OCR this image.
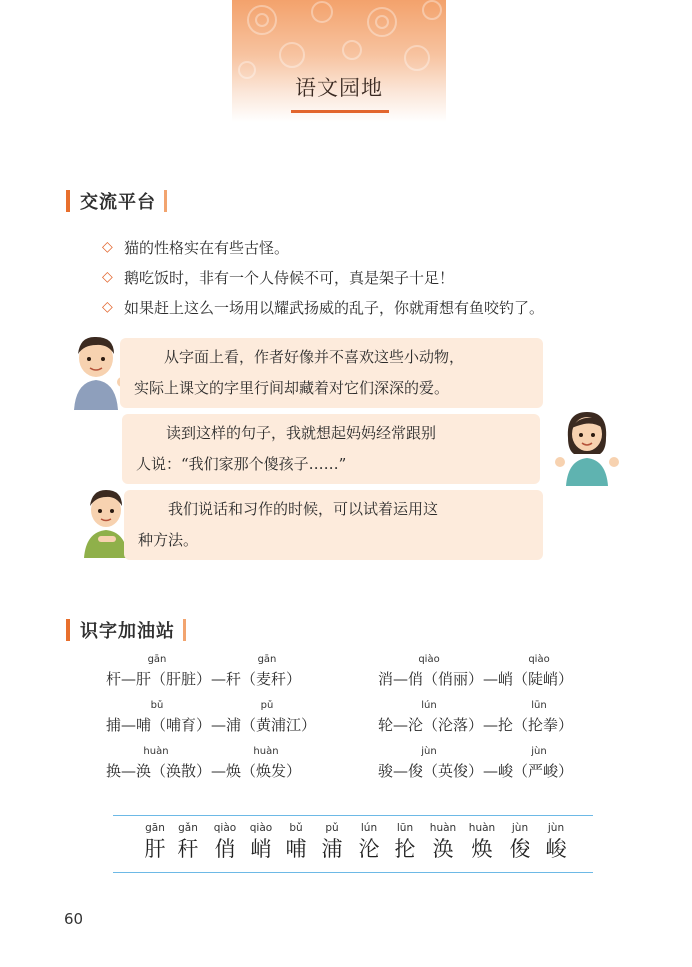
语文园地
交流平台
◇ 猫的性格实在有些古怪。
◇ 鹅吃饭时，非有一个人侍候不可，真是架子十足！
◇ 如果赶上这么一场用以耀武扬威的乱子，你就甭想有鱼咬钓了。
　　从字面上看，作者好像并不喜欢这些小动物，
实际上课文的字里行间却藏着对它们深深的爱。
　　读到这样的句子，我就想起妈妈经常跟别
人说：“我们家那个傻孩子……”
　　我们说话和习作的时候，可以试着运用这
种方法。
识字加油站
gān	gān
杆—肝（肝脏）—秆（麦秆）
qiào	qiào
消—俏（俏丽）—峭（陡峭）
bǔ	pǔ
捕—哺（哺育）—浦（黄浦江）
lún	lūn
轮—沦（沦落）—抡（抡拳）
huàn	huàn
换—涣（涣散）—焕（焕发）
jùn	jùn
骏—俊（英俊）—峻（严峻）
gān
肝
gǎn
秆
qiào
俏
qiào
峭
bǔ
哺
pǔ
浦
lún
沦
lūn
抡
huàn
涣
huàn
焕
jùn
俊
jùn
峻
60
